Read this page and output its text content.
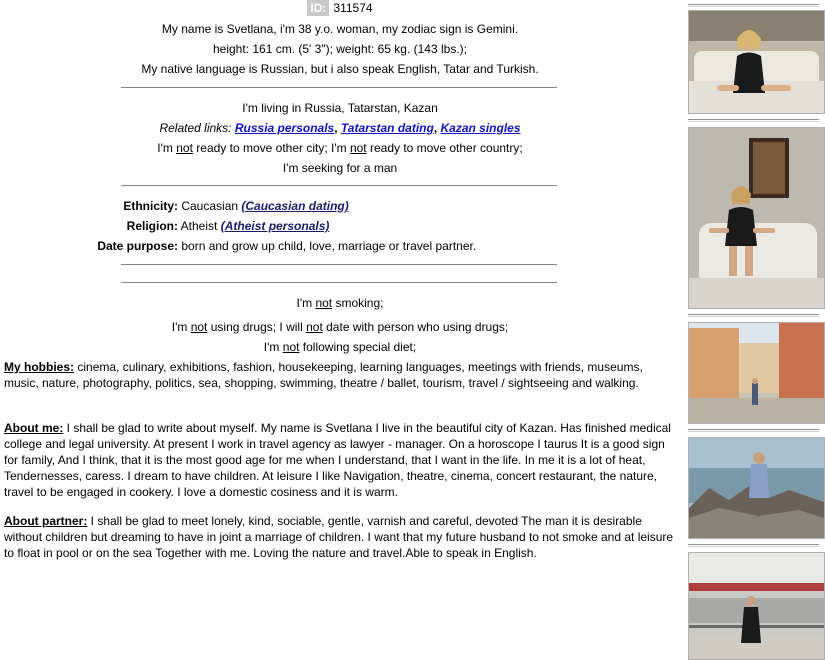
ID: 311574
My name is Svetlana, i'm 38 y.o. woman, my zodiac sign is Gemini.
height: 161 cm. (5' 3"); weight: 65 kg. (143 lbs.);
My native language is Russian, but i also speak English, Tatar and Turkish.
I'm living in Russia, Tatarstan, Kazan
Related links: Russia personals, Tatarstan dating, Kazan singles
I'm not ready to move other city; I'm not ready to move other country;
I'm seeking for a man
Ethnicity: Caucasian (Caucasian dating)
Religion: Atheist (Atheist personals)
Date purpose: born and grow up child, love, marriage or travel partner.
I'm not smoking;
I'm not using drugs; I will not date with person who using drugs;
I'm not following special diet;
My hobbies: cinema, culinary, exhibitions, fashion, housekeeping, learning languages, meetings with friends, museums, music, nature, photography, politics, sea, shopping, swimming, theatre / ballet, tourism, travel / sightseeing and walking.
About me: I shall be glad to write about myself. My name is Svetlana I live in the beautiful city of Kazan. Has finished medical college and legal university. At present I work in travel agency as lawyer - manager. On a horoscope I taurus It is a good sign for family, And I think, that it is the most good age for me when I understand, that I want in the life. In me it is a lot of heat, Tendernesses, caress. I dream to have children. At leisure I like Navigation, theatre, cinema, concert restaurant, the nature, travel to be engaged in cookery. I love a domestic cosiness and it is warm.
About partner: I shall be glad to meet lonely, kind, sociable, gentle, varnish and careful, devoted The man it is desirable without children but dreaming to have in joint a marriage of children. I want that my future husband to not smoke and at leisure to float in pool or on the sea Together with me. Loving the nature and travel.Able to speak in English.
